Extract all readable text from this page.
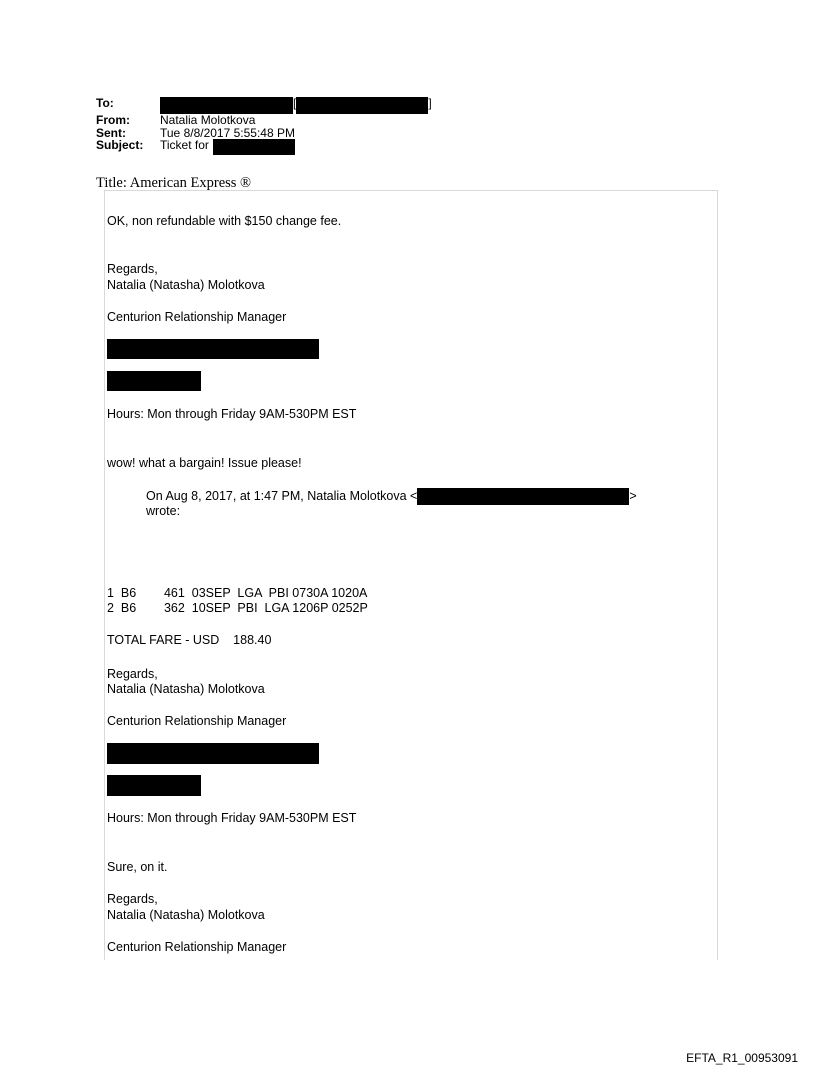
To:	[	]
From:	Natalia Molotkova
Sent:	Tue 8/8/2017 5:55:48 PM
Subject:	Ticket for
Title: American Express ®
OK, non refundable with $150 change fee.
Regards,
Natalia (Natasha) Molotkova
Centurion Relationship Manager
Hours: Mon through Friday 9AM-530PM EST
wow! what a bargain! Issue please!
On Aug 8, 2017, at 1:47 PM, Natalia Molotkova <	>
wrote:
1  B6        461  03SEP  LGA  PBI 0730A 1020A
2  B6        362  10SEP  PBI  LGA 1206P 0252P
TOTAL FARE - USD    188.40
Regards,
Natalia (Natasha) Molotkova
Centurion Relationship Manager
Hours: Mon through Friday 9AM-530PM EST
Sure, on it.
Regards,
Natalia (Natasha) Molotkova
Centurion Relationship Manager
EFTA_R1_00953091
